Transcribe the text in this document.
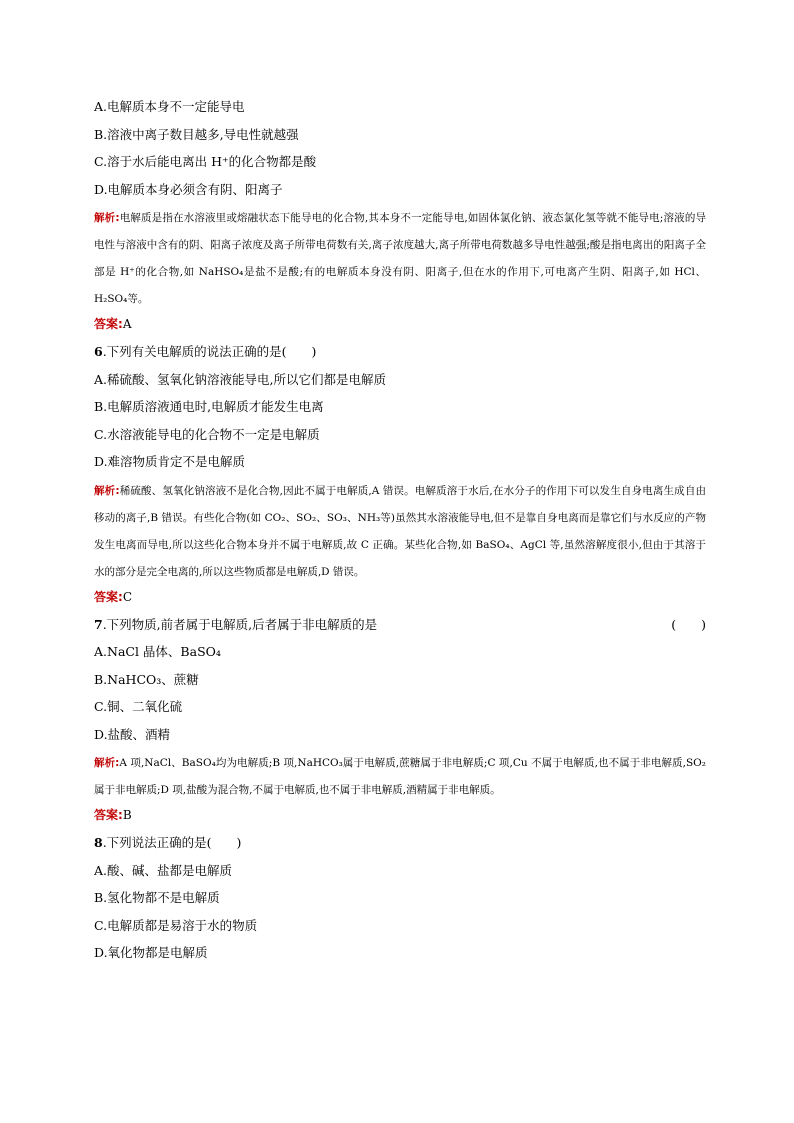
A.电解质本身不一定能导电
B.溶液中离子数目越多,导电性就越强
C.溶于水后能电离出 H⁺的化合物都是酸
D.电解质本身必须含有阴、阳离子
解析:电解质是指在水溶液里或熔融状态下能导电的化合物,其本身不一定能导电,如固体氯化钠、液态氯化氢等就不能导电;溶液的导电性与溶液中含有的阴、阳离子浓度及离子所带电荷数有关,离子浓度越大,离子所带电荷数越多导电性越强;酸是指电离出的阳离子全部是 H⁺的化合物,如 NaHSO₄是盐不是酸;有的电解质本身没有阴、阳离子,但在水的作用下,可电离产生阴、阳离子,如 HCl、H₂SO₄等。
答案:A
6.下列有关电解质的说法正确的是(　　)
A.稀硫酸、氢氧化钠溶液能导电,所以它们都是电解质
B.电解质溶液通电时,电解质才能发生电离
C.水溶液能导电的化合物不一定是电解质
D.难溶物质肯定不是电解质
解析:稀硫酸、氢氧化钠溶液不是化合物,因此不属于电解质,A 错误。电解质溶于水后,在水分子的作用下可以发生自身电离生成自由移动的离子,B 错误。有些化合物(如 CO₂、SO₂、SO₃、NH₃等)虽然其水溶液能导电,但不是靠自身电离而是靠它们与水反应的产物发生电离而导电,所以这些化合物本身并不属于电解质,故 C 正确。某些化合物,如 BaSO₄、AgCl 等,虽然溶解度很小,但由于其溶于水的部分是完全电离的,所以这些物质都是电解质,D 错误。
答案:C
7.下列物质,前者属于电解质,后者属于非电解质的是	(　　)
A.NaCl 晶体、BaSO₄
B.NaHCO₃、蔗糖
C.铜、二氧化硫
D.盐酸、酒精
解析:A 项,NaCl、BaSO₄均为电解质;B 项,NaHCO₃属于电解质,蔗糖属于非电解质;C 项,Cu 不属于电解质,也不属于非电解质,SO₂属于非电解质;D 项,盐酸为混合物,不属于电解质,也不属于非电解质,酒精属于非电解质。
答案:B
8.下列说法正确的是(　　)
A.酸、碱、盐都是电解质
B.氢化物都不是电解质
C.电解质都是易溶于水的物质
D.氧化物都是电解质
